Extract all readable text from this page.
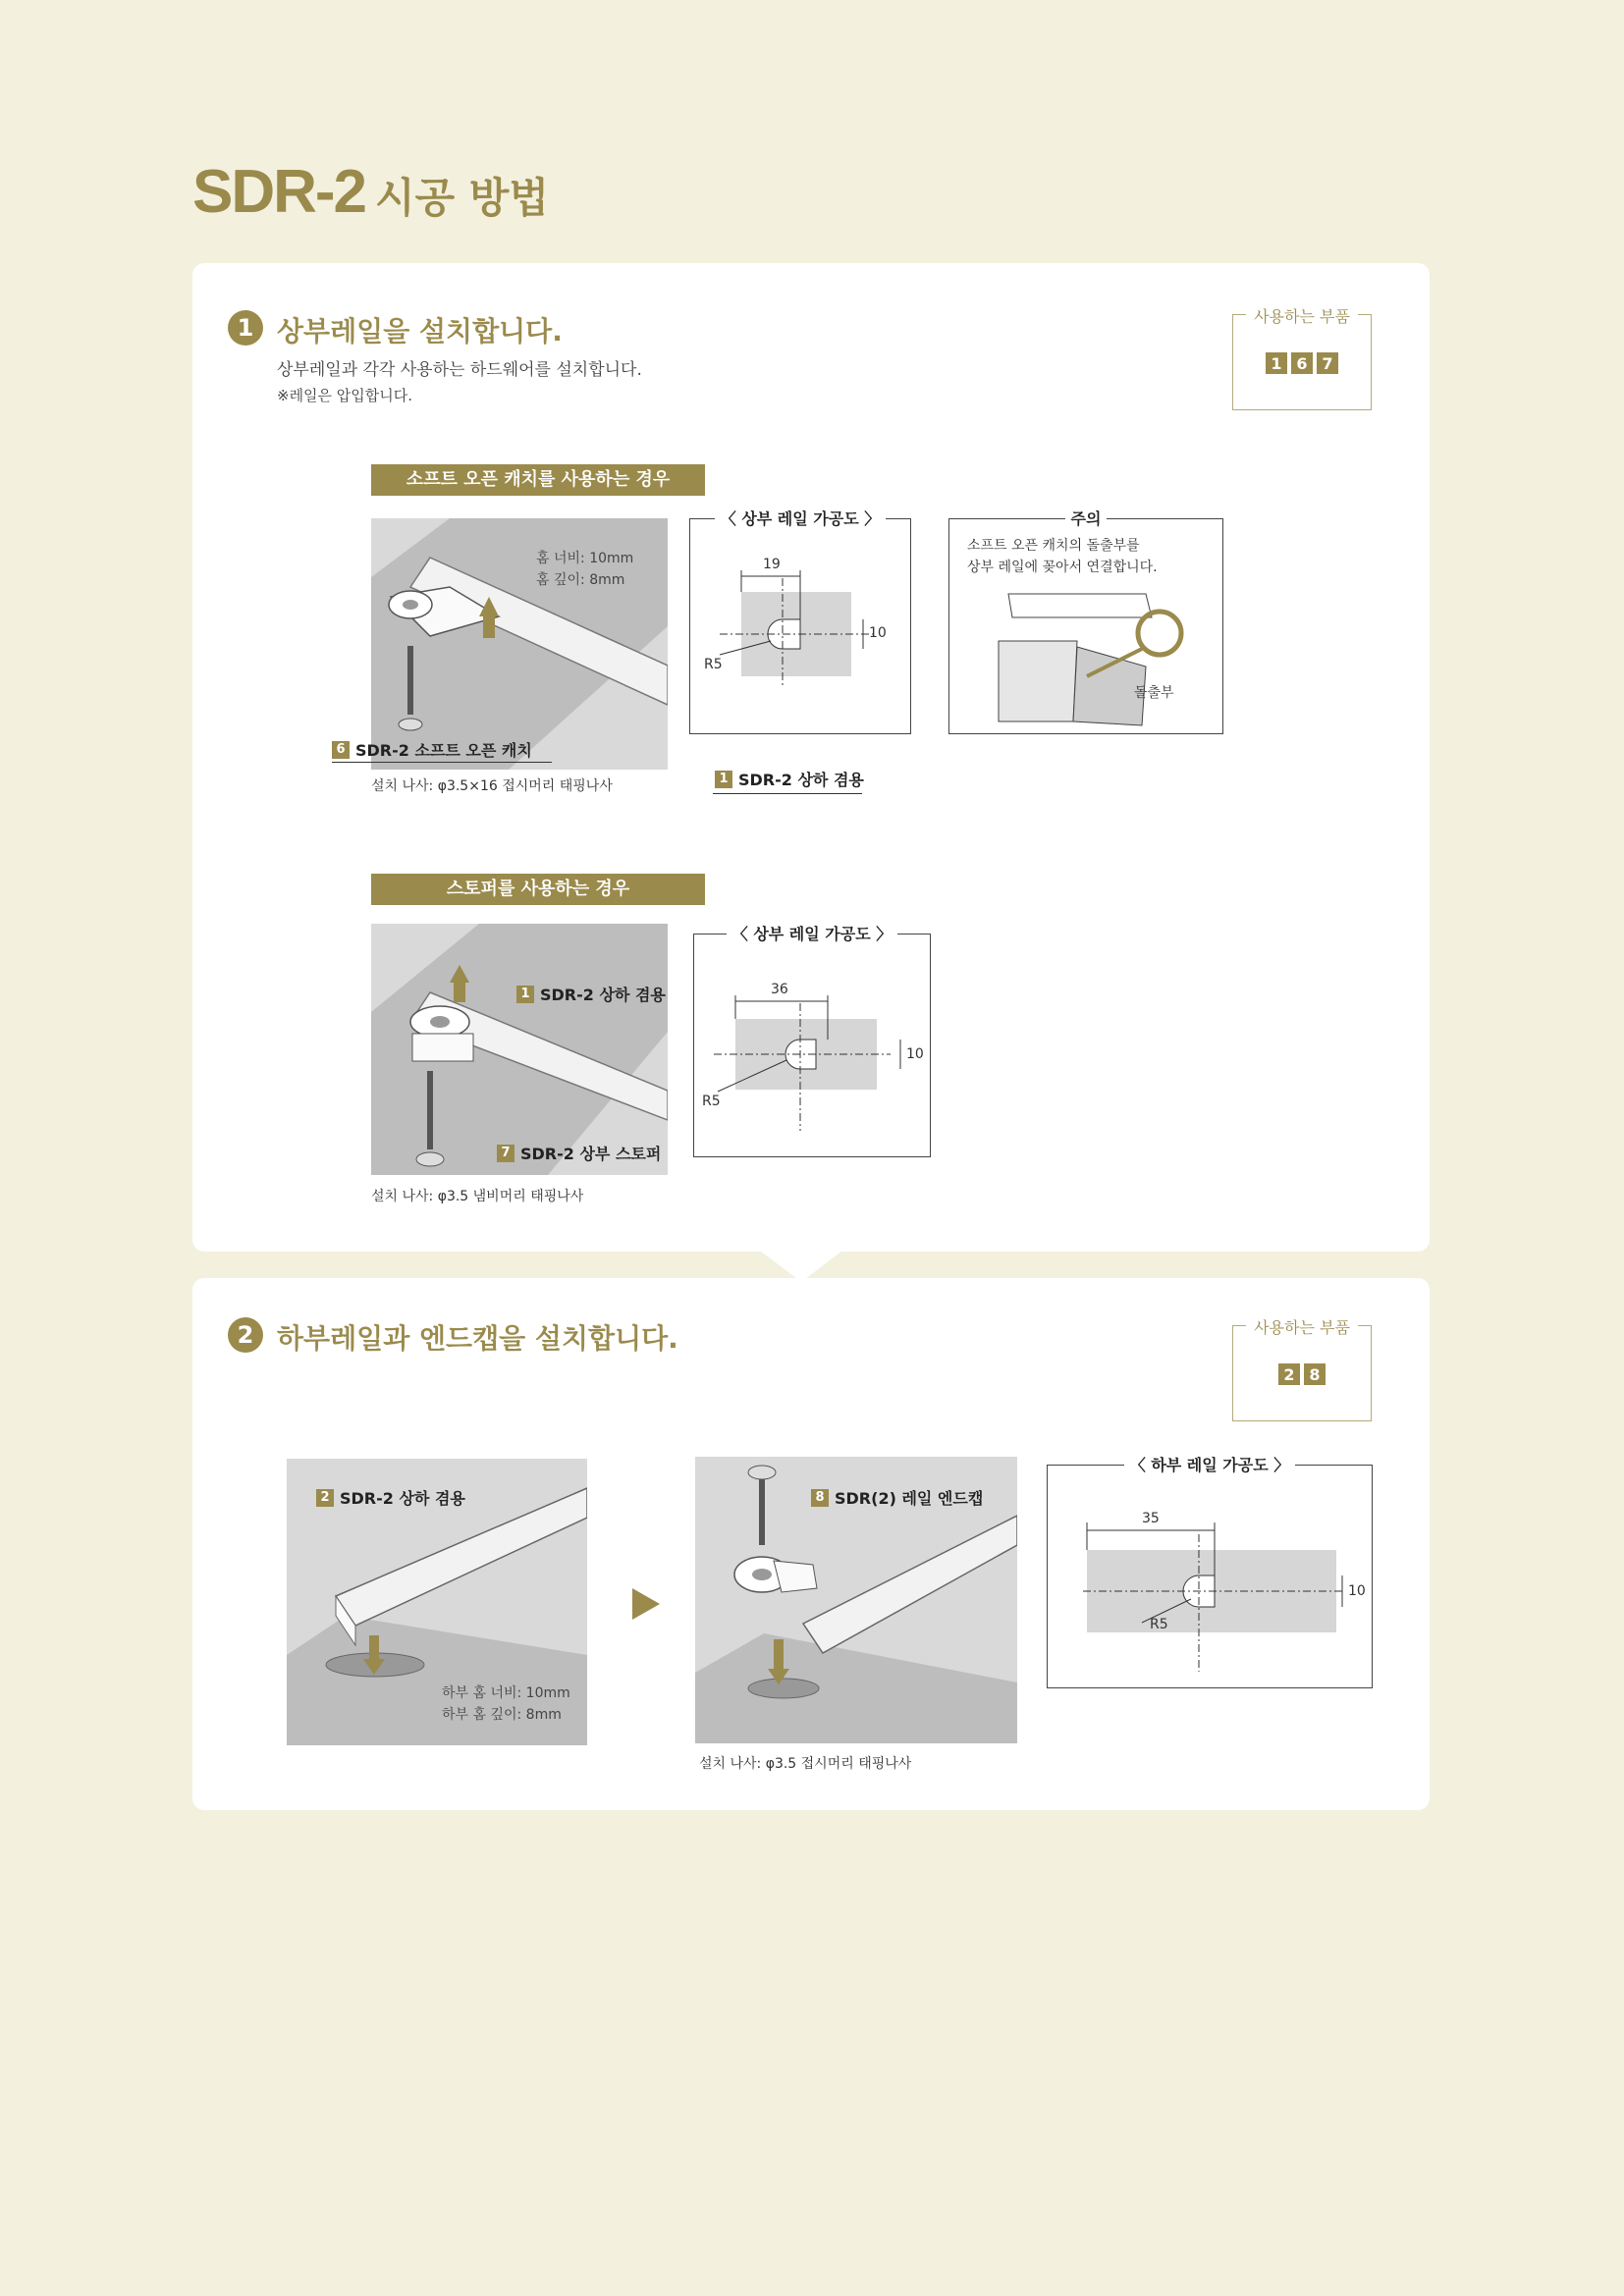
SDR-2 시공 방법
1 상부레일을 설치합니다.
상부레일과 각각 사용하는 하드웨어를 설치합니다.
※레일은 압입합니다.
사용하는 부품
1 6 7
소프트 오픈 캐치를 사용하는 경우
홈 너비: 10mm
홈 깊이: 8mm
6 SDR-2 소프트 오픈 캐치
설치 나사: φ3.5×16 접시머리 태핑나사	1 SDR-2 상하 겸용
〈 상부 레일 가공도 〉
19
10
R5
주의
소프트 오픈 캐치의 돌출부를
상부 레일에 꽂아서 연결합니다.
돌출부
스토퍼를 사용하는 경우
1 SDR-2 상하 겸용
7 SDR-2 상부 스토퍼
설치 나사: φ3.5 냄비머리 태핑나사
〈 상부 레일 가공도 〉
36
10
R5
2 하부레일과 엔드캡을 설치합니다.	사용하는 부품
2 8
2 SDR-2 상하 겸용
하부 홈 너비: 10mm
하부 홈 깊이: 8mm
8 SDR(2) 레일 엔드캡
설치 나사: φ3.5 접시머리 태핑나사
〈 하부 레일 가공도 〉
35
10
R5
